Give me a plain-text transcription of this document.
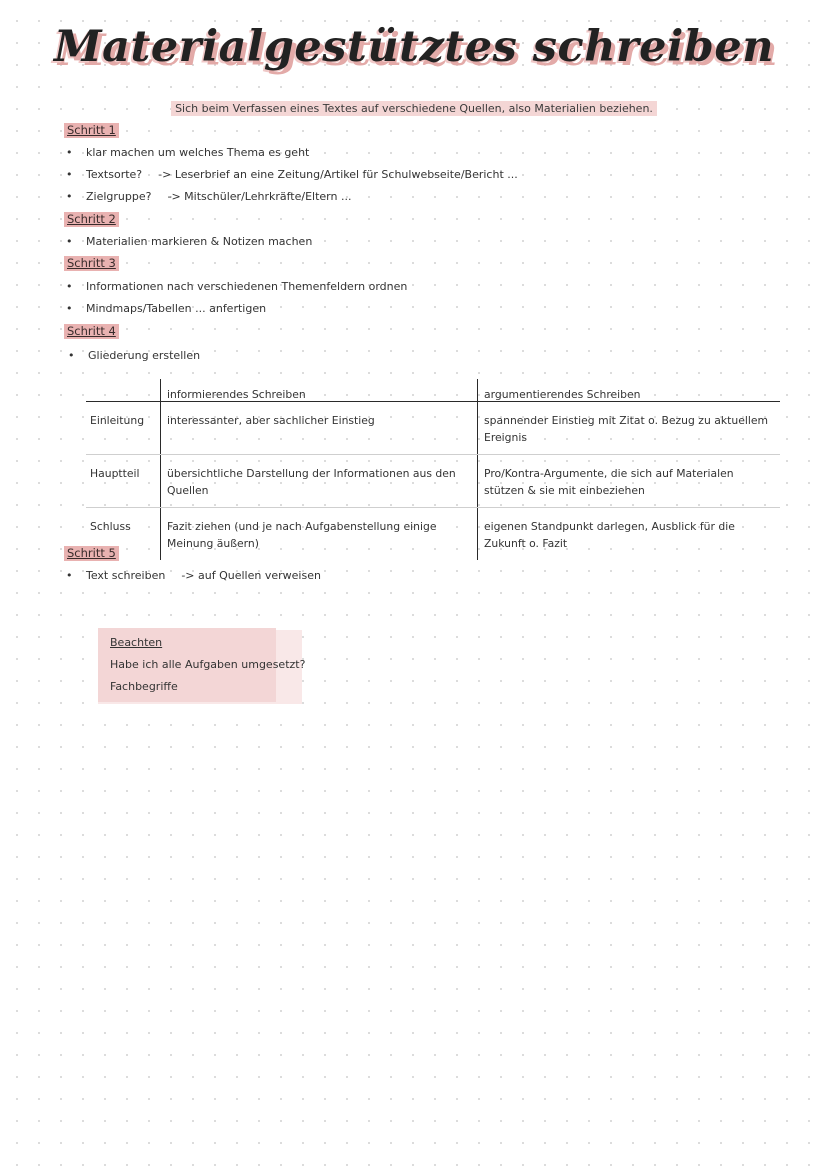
Materialgestütztes schreiben
Sich beim Verfassen eines Textes auf verschiedene Quellen, also Materialien beziehen.
Schritt 1
• klar machen um welches Thema es geht
• Textsorte? -> Leserbrief an eine Zeitung/Artikel für Schulwebseite/Bericht ...
• Zielgruppe? -> Mitschüler/Lehrkräfte/Eltern ...
Schritt 2
• Materialien markieren & Notizen machen
Schritt 3
• Informationen nach verschiedenen Themenfeldern ordnen
• Mindmaps/Tabellen ... anfertigen
Schritt 4
• Gliederung erstellen
	informierendes Schreiben	argumentierendes Schreiben
Einleitung	interessanter, aber sachlicher Einstieg	spannender Einstieg mit Zitat o. Bezug zu aktuellem Ereignis
Hauptteil	übersichtliche Darstellung der Informationen aus den Quellen	Pro/Kontra-Argumente, die sich auf Materialen stützen & sie mit einbeziehen
Schluss	Fazit ziehen (und je nach Aufgabenstellung einige Meinung äußern)	eigenen Standpunkt darlegen, Ausblick für die Zukunft o. Fazit
Schritt 5
• Text schreiben -> auf Quellen verweisen
Beachten
Habe ich alle Aufgaben umgesetzt?
Fachbegriffe
